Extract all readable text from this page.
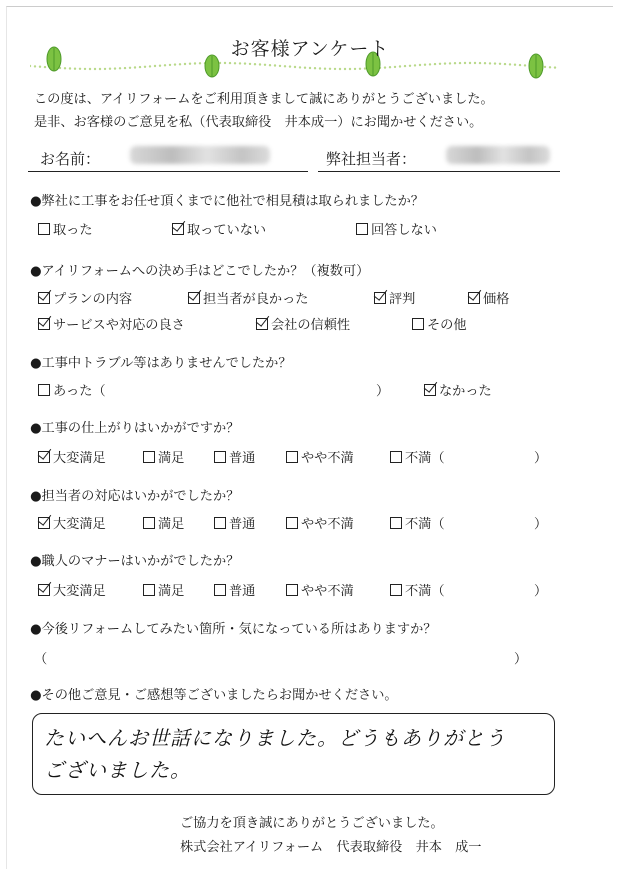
お客様アンケート
この度は、アイリフォームをご利用頂きまして誠にありがとうございました。
是非、お客様のご意見を私（代表取締役　井本成一）にお聞かせください。
お名前：	弊社担当者：
●弊社に工事をお任せ頂くまでに他社で相見積は取られましたか？
取った	取っていない	回答しない
●アイリフォームへの決め手はどこでしたか？（複数可）
プランの内容	担当者が良かった	評判	価格
サービスや対応の良さ	会社の信頼性	その他
●工事中トラブル等はありませんでしたか？
あった（	）	なかった
●工事の仕上がりはいかがですか？
大変満足	満足	普通	やや不満	不満（	）
●担当者の対応はいかがでしたか？
大変満足	満足	普通	やや不満	不満（	）
●職人のマナーはいかがでしたか？
大変満足	満足	普通	やや不満	不満（	）
●今後リフォームしてみたい箇所・気になっている所はありますか？
（	）
●その他ご意見・ご感想等ございましたらお聞かせください。
たいへんお世話になりました。どうもありがとう
ございました。
ご協力を頂き誠にありがとうございました。
株式会社アイリフォーム　代表取締役　井本　成一
